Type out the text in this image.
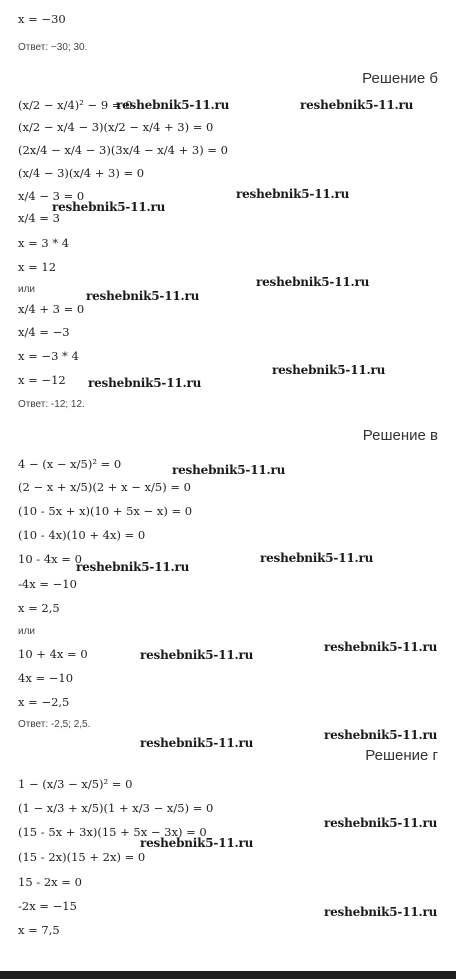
x = −30
Ответ: −30; 30.
Решение б
(x/2 − x/4)² − 9 = 0
(x/2 − x/4 − 3)(x/2 − x/4 + 3) = 0
(2x/4 − x/4 − 3)(3x/4 − x/4 + 3) = 0
(x/4 − 3)(x/4 + 3) = 0
x/4 − 3 = 0
x/4 = 3
x = 3 * 4
x = 12
или
x/4 + 3 = 0
x/4 = −3
x = −3 * 4
x = −12
Ответ: -12; 12.
Решение в
4 − (x − x/5)² = 0
(2 − x + x/5)(2 + x − x/5) = 0
(10 - 5x + x)(10 + 5x − x) = 0
(10 - 4x)(10 + 4x) = 0
10 - 4x = 0
-4x = −10
x = 2,5
или
10 + 4x = 0
4x = −10
x = −2,5
Ответ: -2,5; 2,5.
Решение г
1 − (x/3 − x/5)² = 0
(1 − x/3 + x/5)(1 + x/3 − x/5) = 0
(15 - 5x + 3x)(15 + 5x − 3x) = 0
(15 - 2x)(15 + 2x) = 0
15 - 2x = 0
-2x = −15
x = 7,5
reshebnik5-11.ru	reshebnik5-11.ru
reshebnik5-11.ru
reshebnik5-11.ru
reshebnik5-11.ru
reshebnik5-11.ru
reshebnik5-11.ru
reshebnik5-11.ru
reshebnik5-11.ru
reshebnik5-11.ru
reshebnik5-11.ru
reshebnik5-11.ru
reshebnik5-11.ru
reshebnik5-11.ru
reshebnik5-11.ru
reshebnik5-11.ru
reshebnik5-11.ru
reshebnik5-11.ru
